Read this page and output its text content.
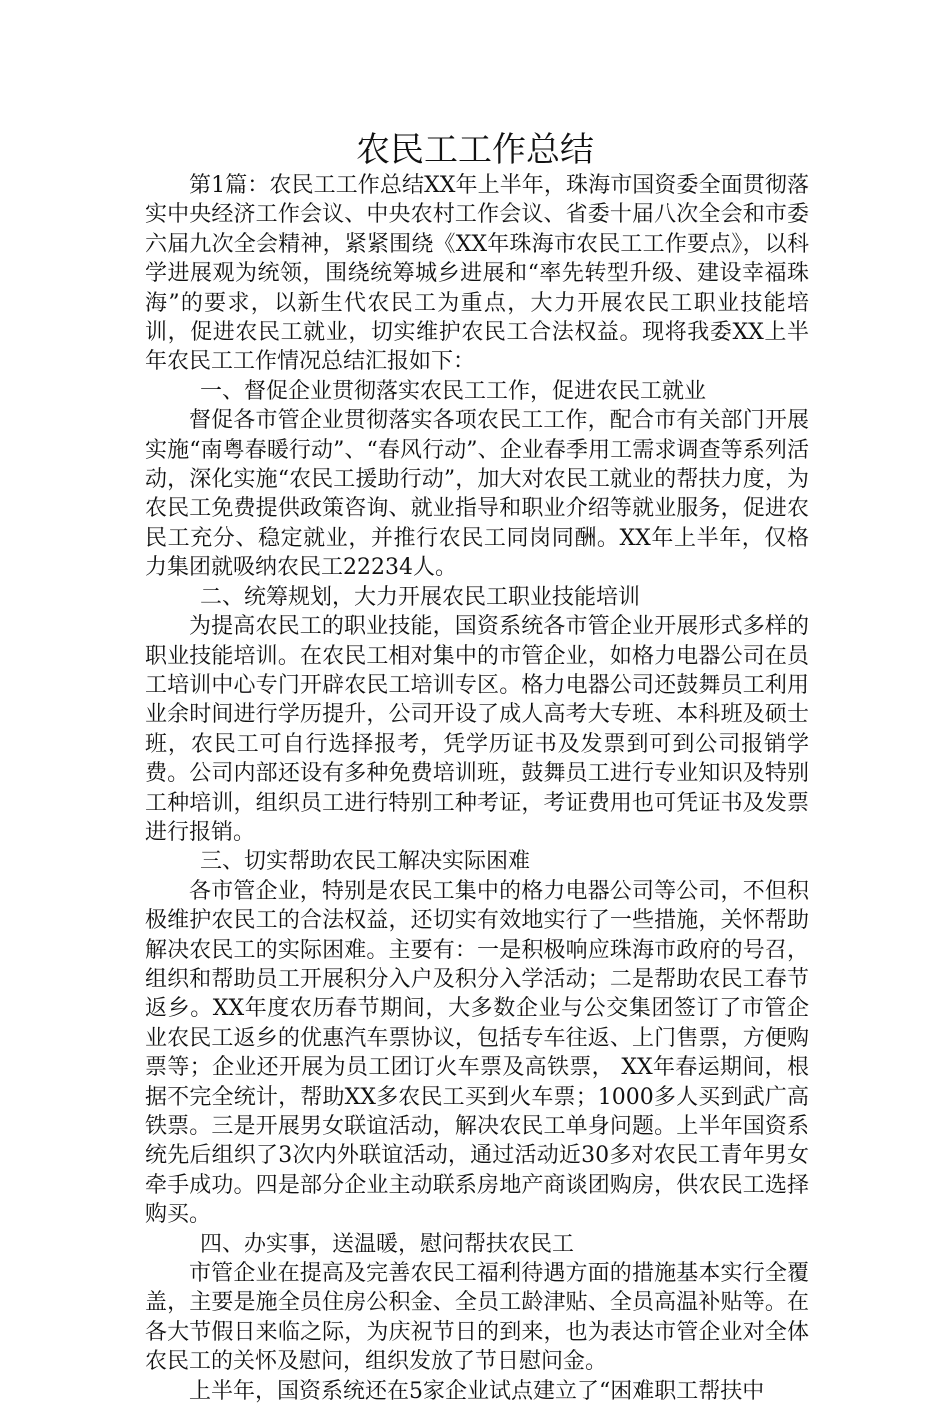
农民工工作总结

第1篇：农民工工作总结XX年上半年，珠海市国资委全面贯彻落实中央经济工作会议、中央农村工作会议、省委十届八次全会和市委六届九次全会精神，紧紧围绕《XX年珠海市农民工工作要点》，以科学进展观为统领，围绕统筹城乡进展和“率先转型升级、建设幸福珠海”的要求，以新生代农民工为重点，大力开展农民工职业技能培训，促进农民工就业，切实维护农民工合法权益。现将我委XX上半年农民工工作情况总结汇报如下：

一、督促企业贯彻落实农民工工作，促进农民工就业

督促各市管企业贯彻落实各项农民工工作，配合市有关部门开展实施“南粤春暖行动”、“春风行动”、企业春季用工需求调查等系列活动，深化实施“农民工援助行动”，加大对农民工就业的帮扶力度，为农民工免费提供政策咨询、就业指导和职业介绍等就业服务，促进农民工充分、稳定就业，并推行农民工同岗同酬。XX年上半年，仅格力集团就吸纳农民工22234人。

二、统筹规划，大力开展农民工职业技能培训

为提高农民工的职业技能，国资系统各市管企业开展形式多样的职业技能培训。在农民工相对集中的市管企业，如格力电器公司在员工培训中心专门开辟农民工培训专区。格力电器公司还鼓舞员工利用业余时间进行学历提升，公司开设了成人高考大专班、本科班及硕士班，农民工可自行选择报考，凭学历证书及发票到可到公司报销学费。公司内部还设有多种免费培训班，鼓舞员工进行专业知识及特别工种培训，组织员工进行特别工种考证，考证费用也可凭证书及发票进行报销。

三、切实帮助农民工解决实际困难

各市管企业，特别是农民工集中的格力电器公司等公司，不但积极维护农民工的合法权益，还切实有效地实行了一些措施，关怀帮助解决农民工的实际困难。主要有：一是积极响应珠海市政府的号召，组织和帮助员工开展积分入户及积分入学活动；二是帮助农民工春节返乡。XX年度农历春节期间，大多数企业与公交集团签订了市管企业农民工返乡的优惠汽车票协议，包括专车往返、上门售票，方便购票等；企业还开展为员工团订火车票及高铁票， XX年春运期间，根据不完全统计，帮助XX多农民工买到火车票；1000多人买到武广高铁票。三是开展男女联谊活动，解决农民工单身问题。上半年国资系统先后组织了3次内外联谊活动，通过活动近30多对农民工青年男女牵手成功。四是部分企业主动联系房地产商谈团购房，供农民工选择购买。

四、办实事，送温暖，慰问帮扶农民工

市管企业在提高及完善农民工福利待遇方面的措施基本实行全覆盖，主要是施全员住房公积金、全员工龄津贴、全员高温补贴等。在各大节假日来临之际，为庆祝节日的到来，也为表达市管企业对全体农民工的关怀及慰问，组织发放了节日慰问金。

上半年，国资系统还在5家企业试点建立了“困难职工帮扶中
